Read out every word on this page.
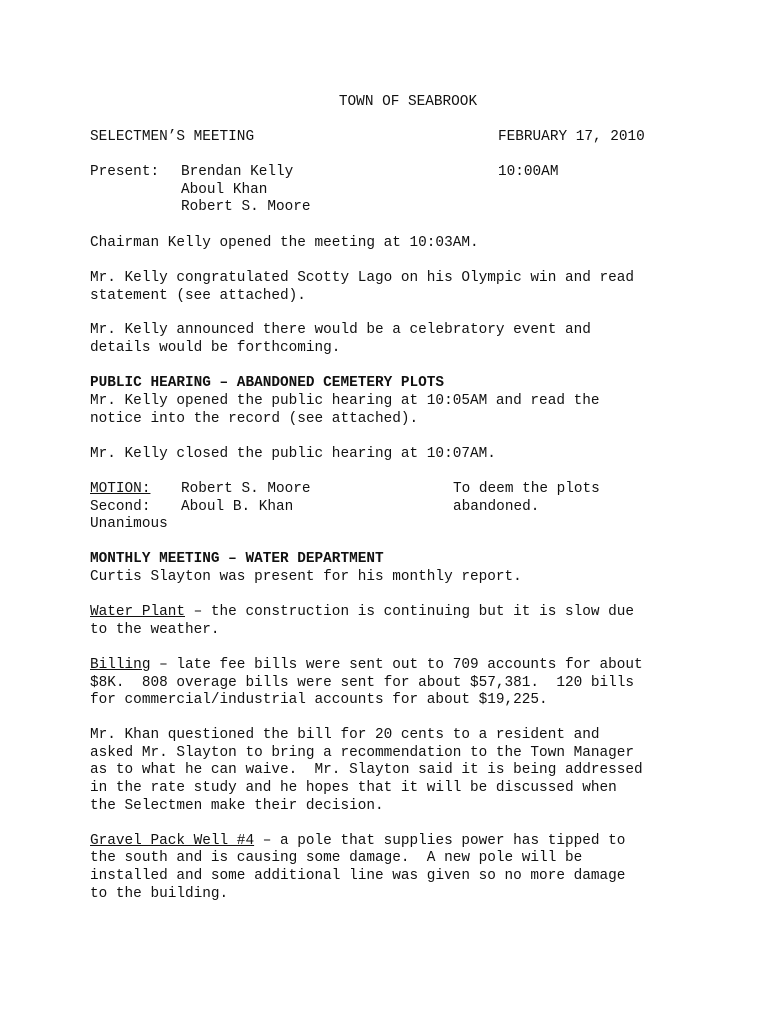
TOWN OF SEABROOK
SELECTMEN’S MEETING	FEBRUARY 17, 2010
Present: Brendan Kelly	10:00AM
Aboul Khan
Robert S. Moore
Chairman Kelly opened the meeting at 10:03AM.
Mr. Kelly congratulated Scotty Lago on his Olympic win and read
statement (see attached).
Mr. Kelly announced there would be a celebratory event and
details would be forthcoming.
PUBLIC HEARING – ABANDONED CEMETERY PLOTS
Mr. Kelly opened the public hearing at 10:05AM and read the
notice into the record (see attached).
Mr. Kelly closed the public hearing at 10:07AM.
MOTION: Robert S. Moore	To deem the plots
Second: Aboul B. Khan	abandoned.
Unanimous
MONTHLY MEETING – WATER DEPARTMENT
Curtis Slayton was present for his monthly report.
Water Plant – the construction is continuing but it is slow due
to the weather.
Billing – late fee bills were sent out to 709 accounts for about
$8K.  808 overage bills were sent for about $57,381.  120 bills
for commercial/industrial accounts for about $19,225.
Mr. Khan questioned the bill for 20 cents to a resident and
asked Mr. Slayton to bring a recommendation to the Town Manager
as to what he can waive.  Mr. Slayton said it is being addressed
in the rate study and he hopes that it will be discussed when
the Selectmen make their decision.
Gravel Pack Well #4 – a pole that supplies power has tipped to
the south and is causing some damage.  A new pole will be
installed and some additional line was given so no more damage
to the building.
